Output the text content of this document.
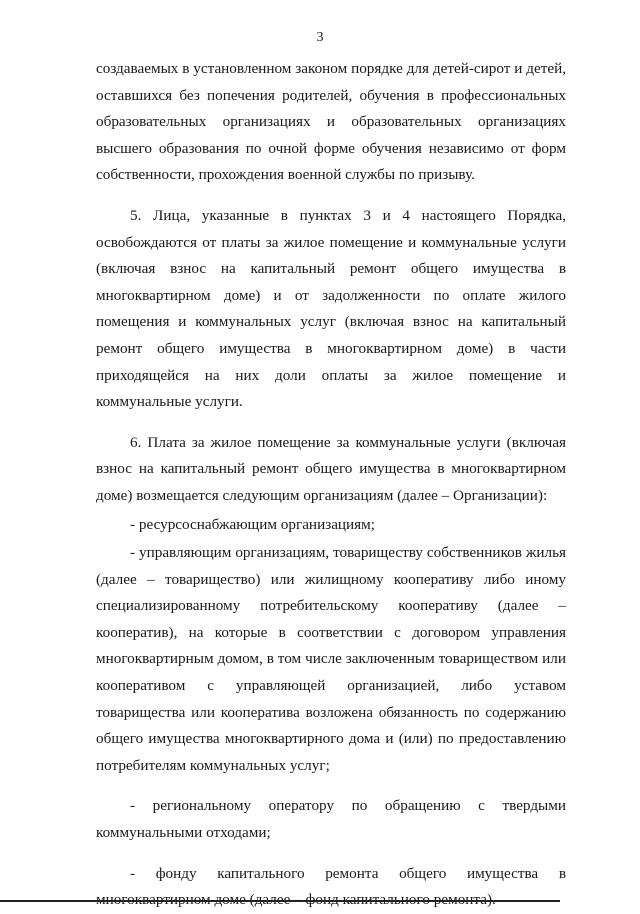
3

создаваемых в установленном законом порядке для детей-сирот и детей, оставшихся без попечения родителей, обучения в профессиональных образовательных организациях и образовательных организациях высшего образования по очной форме обучения независимо от форм собственности, прохождения военной службы по призыву.

5. Лица, указанные в пунктах 3 и 4 настоящего Порядка, освобождаются от платы за жилое помещение и коммунальные услуги (включая взнос на капитальный ремонт общего имущества в многоквартирном доме) и от задолженности по оплате жилого помещения и коммунальных услуг (включая взнос на капитальный ремонт общего имущества в многоквартирном доме) в части приходящейся на них доли оплаты за жилое помещение и коммунальные услуги.

6. Плата за жилое помещение за коммунальные услуги (включая взнос на капитальный ремонт общего имущества в многоквартирном доме) возмещается следующим организациям (далее – Организации):

- ресурсоснабжающим организациям;

- управляющим организациям, товариществу собственников жилья (далее – товарищество) или жилищному кооперативу либо иному специализированному потребительскому кооперативу (далее – кооператив), на которые в соответствии с договором управления многоквартирным домом, в том числе заключенным товариществом или кооперативом с управляющей организацией, либо уставом товарищества или кооператива возложена обязанность по содержанию общего имущества многоквартирного дома и (или) по предоставлению потребителям коммунальных услуг;

- региональному оператору по обращению с твердыми коммунальными отходами;

- фонду капитального ремонта общего имущества в
